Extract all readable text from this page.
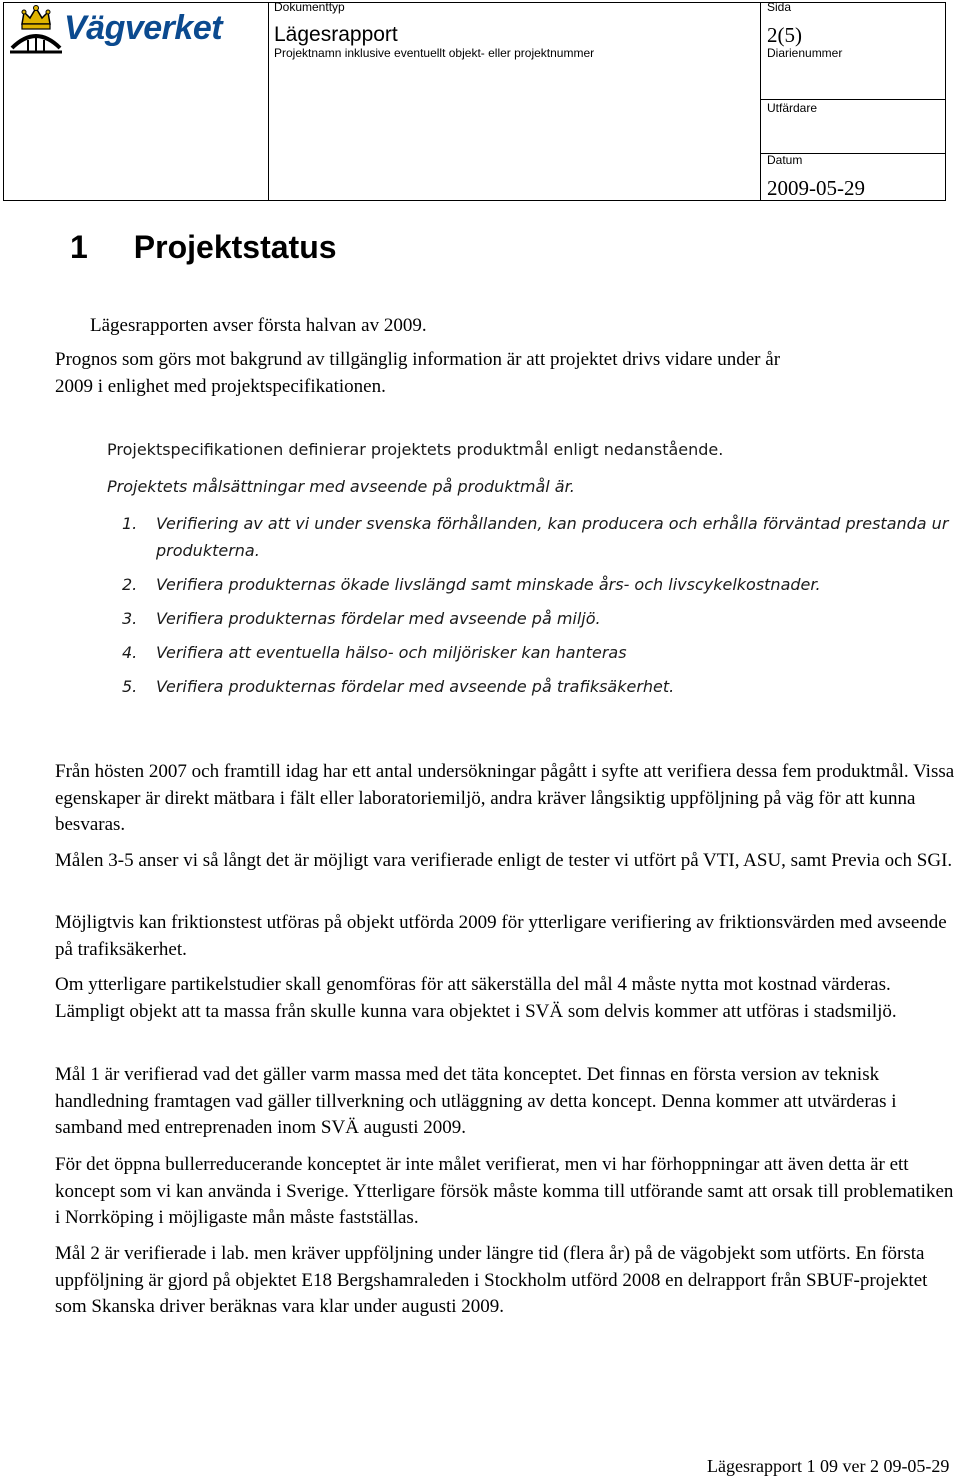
Vägverket
Dokumenttyp
Lägesrapport
Projektnamn inklusive eventuellt objekt- eller projektnummer
Sida
2(5)
Diarienummer
Utfärdare
Datum
2009-05-29
1 Projektstatus
Lägesrapporten avser första halvan av 2009.
Prognos som görs mot bakgrund av tillgänglig information är att projektet drivs vidare under år
2009 i enlighet med projektspecifikationen.
Projektspecifikationen definierar projektets produktmål enligt nedanstående.
Projektets målsättningar med avseende på produktmål är.
1. Verifiering av att vi under svenska förhållanden, kan producera och erhålla förväntad prestanda ur produkterna.
2. Verifiera produkternas ökade livslängd samt minskade års- och livscykelkostnader.
3. Verifiera produkternas fördelar med avseende på miljö.
4. Verifiera att eventuella hälso- och miljörisker kan hanteras
5. Verifiera produkternas fördelar med avseende på trafiksäkerhet.
Från hösten 2007 och framtill idag har ett antal undersökningar pågått i syfte att verifiera dessa fem produktmål. Vissa egenskaper är direkt mätbara i fält eller laboratoriemiljö, andra kräver långsiktig uppföljning på väg för att kunna besvaras.
Målen 3-5 anser vi så långt det är möjligt vara verifierade enligt de tester vi utfört på VTI, ASU, samt Previa och SGI.
Möjligtvis kan friktionstest utföras på objekt utförda 2009 för ytterligare verifiering av friktionsvärden med avseende på trafiksäkerhet.
Om ytterligare partikelstudier skall genomföras för att säkerställa del mål 4 måste nytta mot kostnad värderas. Lämpligt objekt att ta massa från skulle kunna vara objektet i SVÄ som delvis kommer att utföras i stadsmiljö.
Mål 1 är verifierad vad det gäller varm massa med det täta konceptet. Det finnas en första version av teknisk handledning framtagen vad gäller tillverkning och utläggning av detta koncept. Denna kommer att utvärderas i samband med entreprenaden inom SVÄ augusti 2009.
För det öppna bullerreducerande konceptet är inte målet verifierat, men vi har förhoppningar att även detta är ett koncept som vi kan använda i Sverige. Ytterligare försök måste komma till utförande samt att orsak till problematiken i Norrköping i möjligaste mån måste fastställas.
Mål 2 är verifierade i lab. men kräver uppföljning under längre tid (flera år) på de vägobjekt som utförts. En första uppföljning är gjord på objektet E18 Bergshamraleden i Stockholm utförd 2008 en delrapport från SBUF-projektet som Skanska driver beräknas vara klar under augusti 2009.
Lägesrapport 1 09 ver 2 09-05-29
